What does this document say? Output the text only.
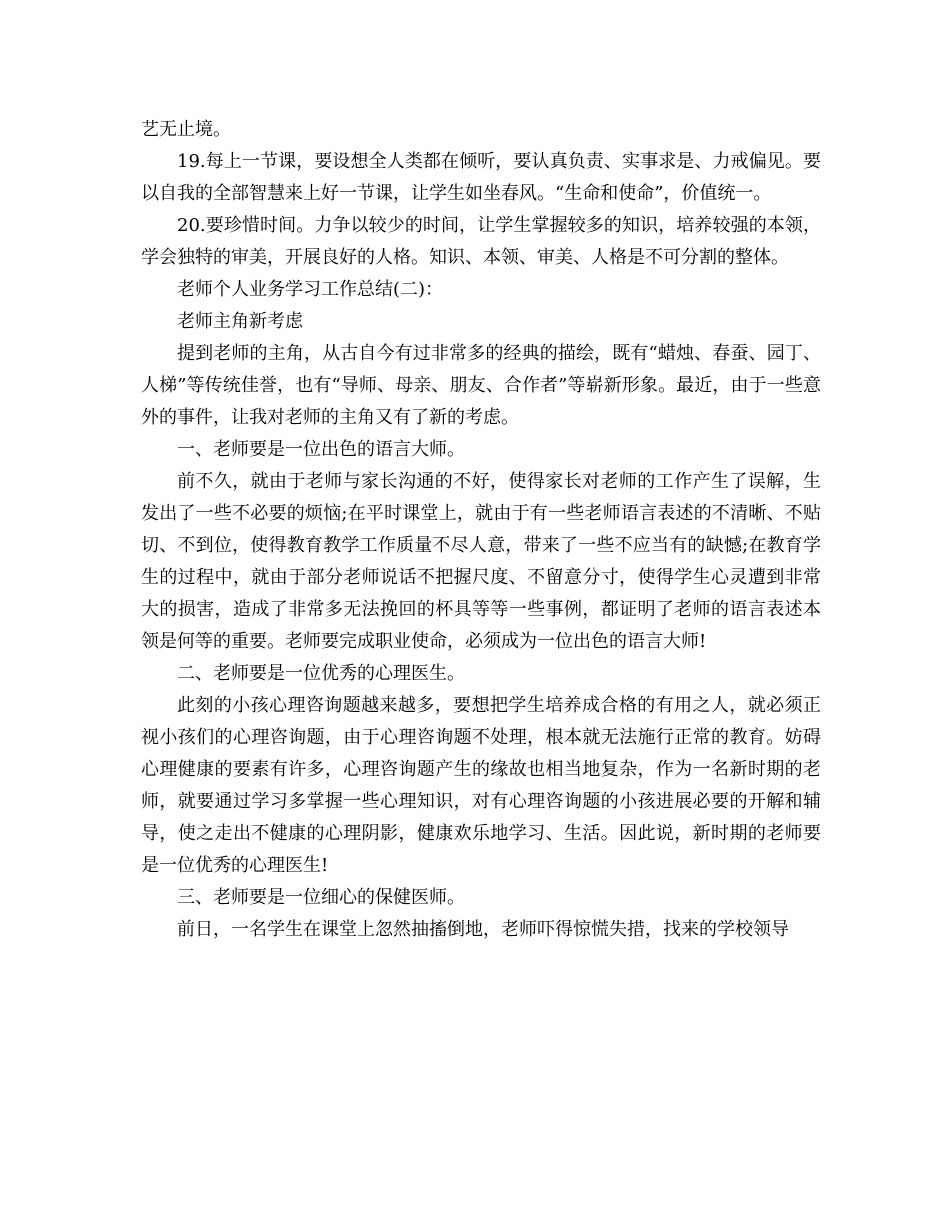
艺无止境。

19.每上一节课，要设想全人类都在倾听，要认真负责、实事求是、力戒偏见。要以自我的全部智慧来上好一节课，让学生如坐春风。“生命和使命”，价值统一。

20.要珍惜时间。力争以较少的时间，让学生掌握较多的知识，培养较强的本领，学会独特的审美，开展良好的人格。知识、本领、审美、人格是不可分割的整体。

老师个人业务学习工作总结(二)：

老师主角新考虑

提到老师的主角，从古自今有过非常多的经典的描绘，既有“蜡烛、春蚕、园丁、人梯”等传统佳誉，也有“导师、母亲、朋友、合作者”等崭新形象。最近，由于一些意外的事件，让我对老师的主角又有了新的考虑。

一、老师要是一位出色的语言大师。

前不久，就由于老师与家长沟通的不好，使得家长对老师的工作产生了误解，生发出了一些不必要的烦恼;在平时课堂上，就由于有一些老师语言表述的不清晰、不贴切、不到位，使得教育教学工作质量不尽人意，带来了一些不应当有的缺憾;在教育学生的过程中，就由于部分老师说话不把握尺度、不留意分寸，使得学生心灵遭到非常大的损害，造成了非常多无法挽回的杯具等等一些事例，都证明了老师的语言表述本领是何等的重要。老师要完成职业使命，必须成为一位出色的语言大师!

二、老师要是一位优秀的心理医生。

此刻的小孩心理咨询题越来越多，要想把学生培养成合格的有用之人，就必须正视小孩们的心理咨询题，由于心理咨询题不处理，根本就无法施行正常的教育。妨碍心理健康的要素有许多，心理咨询题产生的缘故也相当地复杂，作为一名新时期的老师，就要通过学习多掌握一些心理知识，对有心理咨询题的小孩进展必要的开解和辅导，使之走出不健康的心理阴影，健康欢乐地学习、生活。因此说，新时期的老师要是一位优秀的心理医生!

三、老师要是一位细心的保健医师。

前日，一名学生在课堂上忽然抽搐倒地，老师吓得惊慌失措，找来的学校领导
